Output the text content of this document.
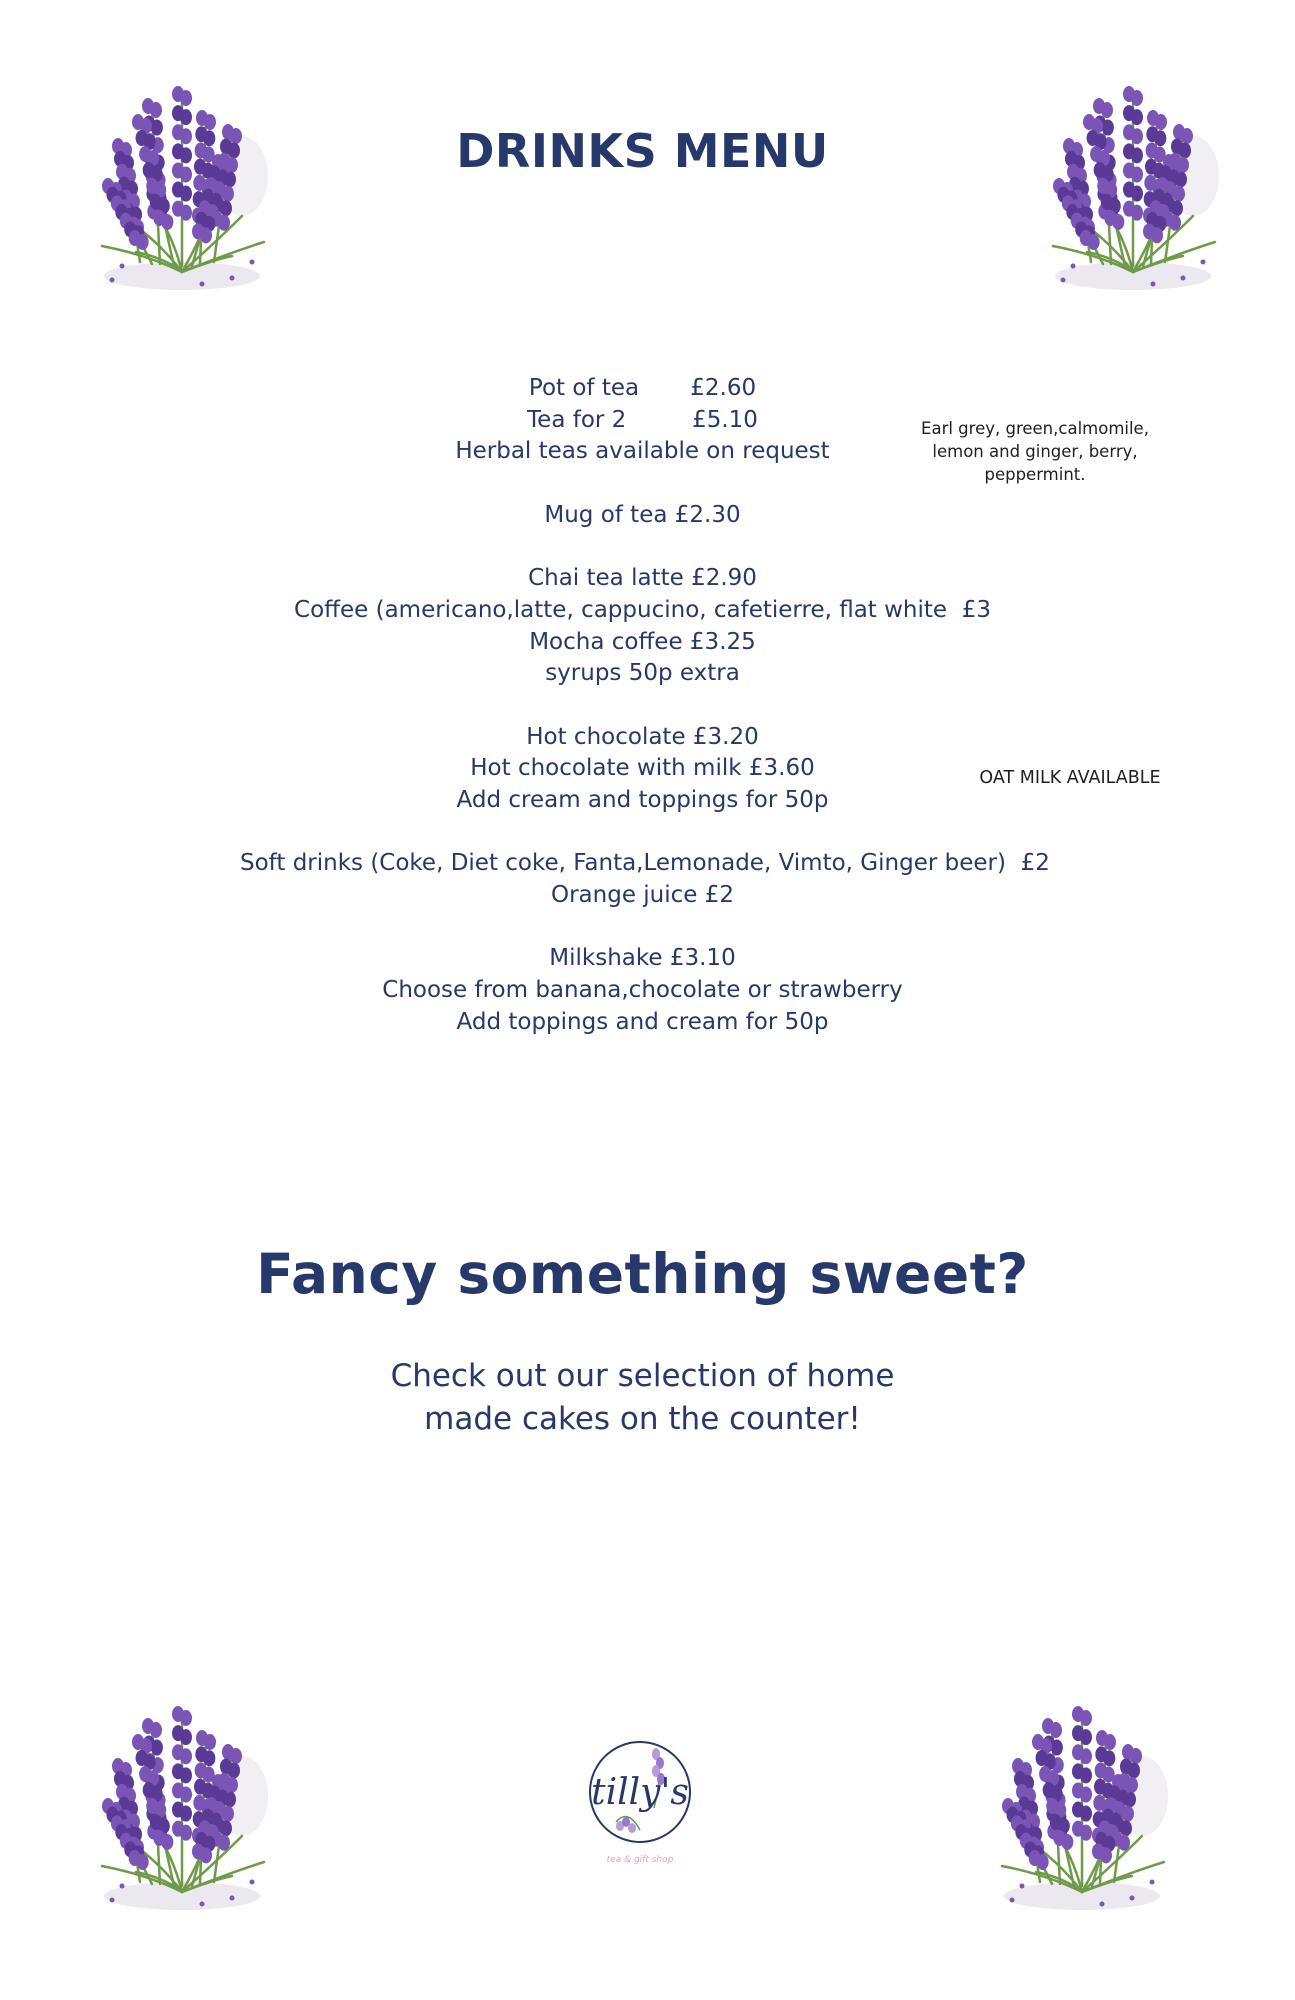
DRINKS MENU
Pot of tea       £2.60
Tea for 2         £5.10
Herbal teas available on request
Mug of tea £2.30
Chai tea latte £2.90
Coffee (americano,latte, cappucino, cafetierre, flat white  £3
Mocha coffee £3.25
syrups 50p extra
Hot chocolate £3.20
Hot chocolate with milk £3.60
Add cream and toppings for 50p
Soft drinks (Coke, Diet coke, Fanta,Lemonade, Vimto, Ginger beer)  £2
Orange juice £2
Milkshake £3.10
Choose from banana,chocolate or strawberry
Add toppings and cream for 50p
Earl grey, green,calmomile,
lemon and ginger, berry,
peppermint.
OAT MILK AVAILABLE
Fancy something sweet?
Check out our selection of home
made cakes on the counter!
tilly's
tea & gift shop
